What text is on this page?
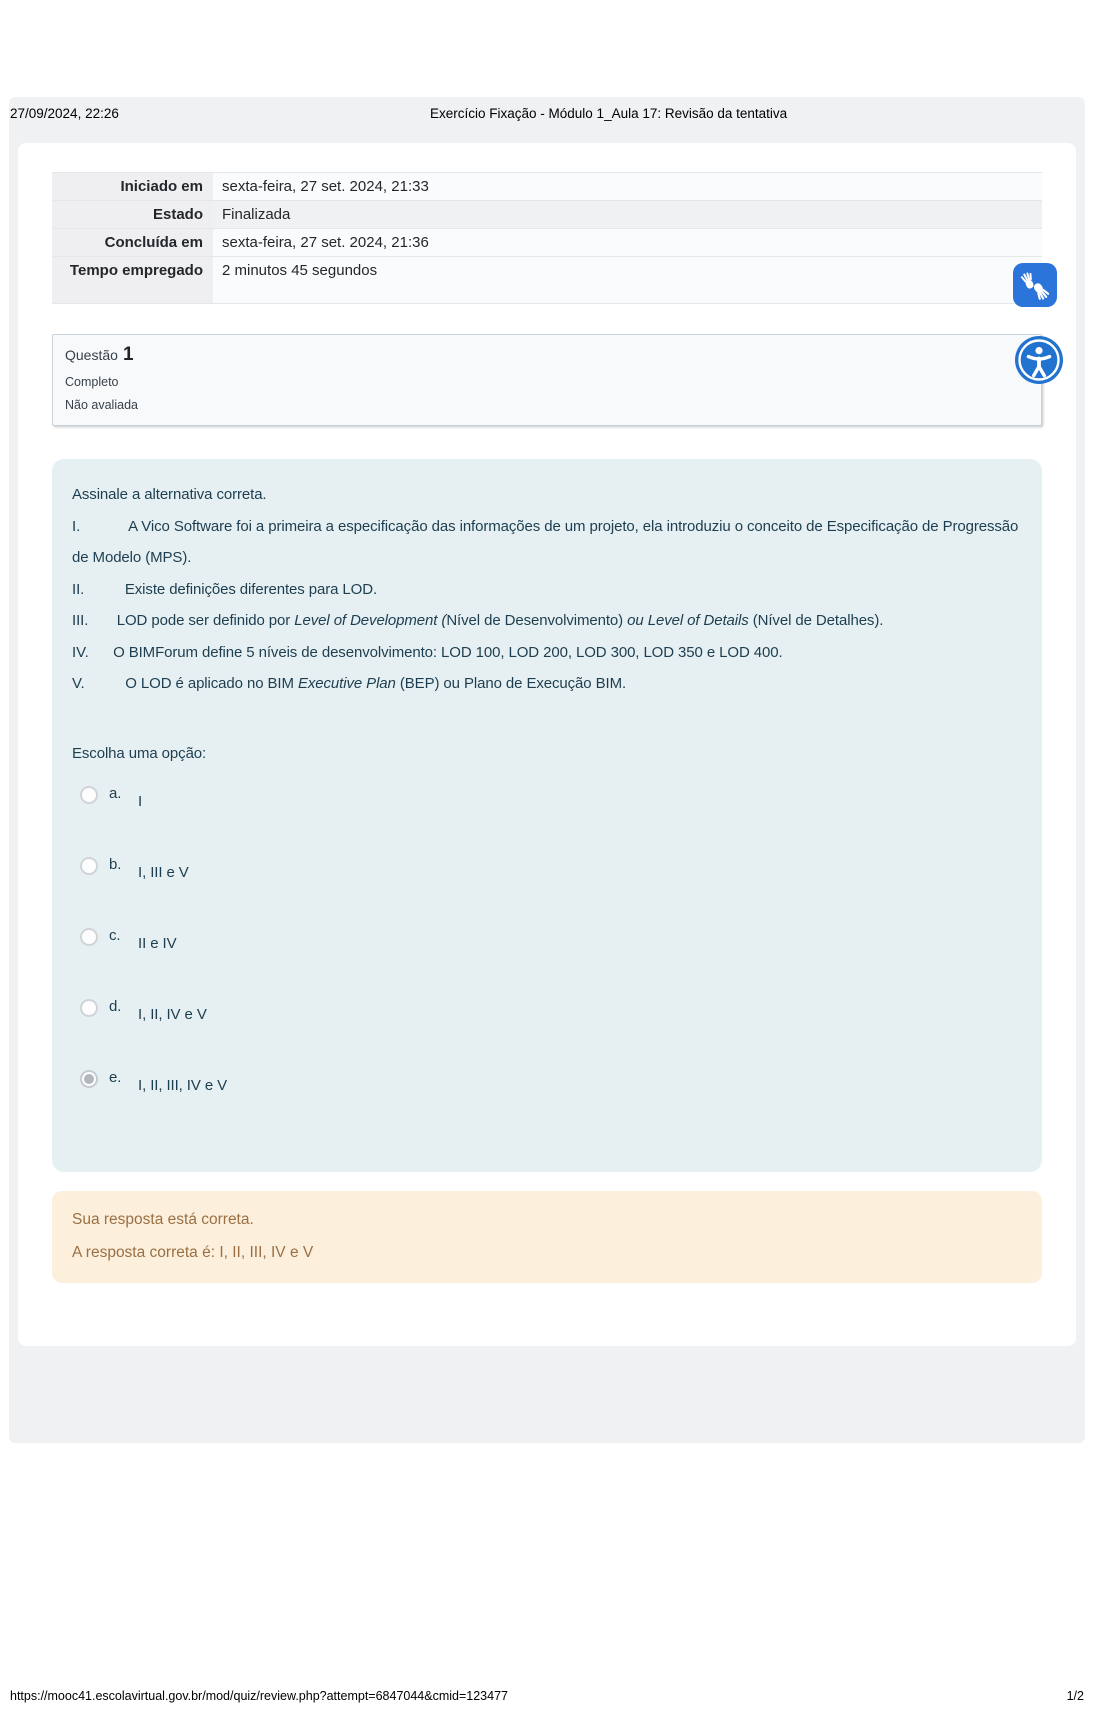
27/09/2024, 22:26	Exercício Fixação - Módulo 1_Aula 17: Revisão da tentativa
Iniciado em	sexta-feira, 27 set. 2024, 21:33
Estado	Finalizada
Concluída em	sexta-feira, 27 set. 2024, 21:36
Tempo empregado	2 minutos 45 segundos

Questão 1

Completo

Não avaliada

Assinale a alternativa correta.

I.            A Vico Software foi a primeira a especificação das informações de um projeto, ela introduziu o conceito de Especificação de Progressão de Modelo (MPS).

II.          Existe definições diferentes para LOD.

III.       LOD pode ser definido por Level of Development (Nível de Desenvolvimento) ou Level of Details (Nível de Detalhes).

IV.      O BIMForum define 5 níveis de desenvolvimento: LOD 100, LOD 200, LOD 300, LOD 350 e LOD 400.

V.          O LOD é aplicado no BIM Executive Plan (BEP) ou Plano de Execução BIM.

Escolha uma opção:

a.	I
b.	I, III e V
c.	II e IV
d.	I, II, IV e V
e.	I, II, III, IV e V

Sua resposta está correta.

A resposta correta é: I, II, III, IV e V

https://mooc41.escolavirtual.gov.br/mod/quiz/review.php?attempt=6847044&cmid=123477	1/2
